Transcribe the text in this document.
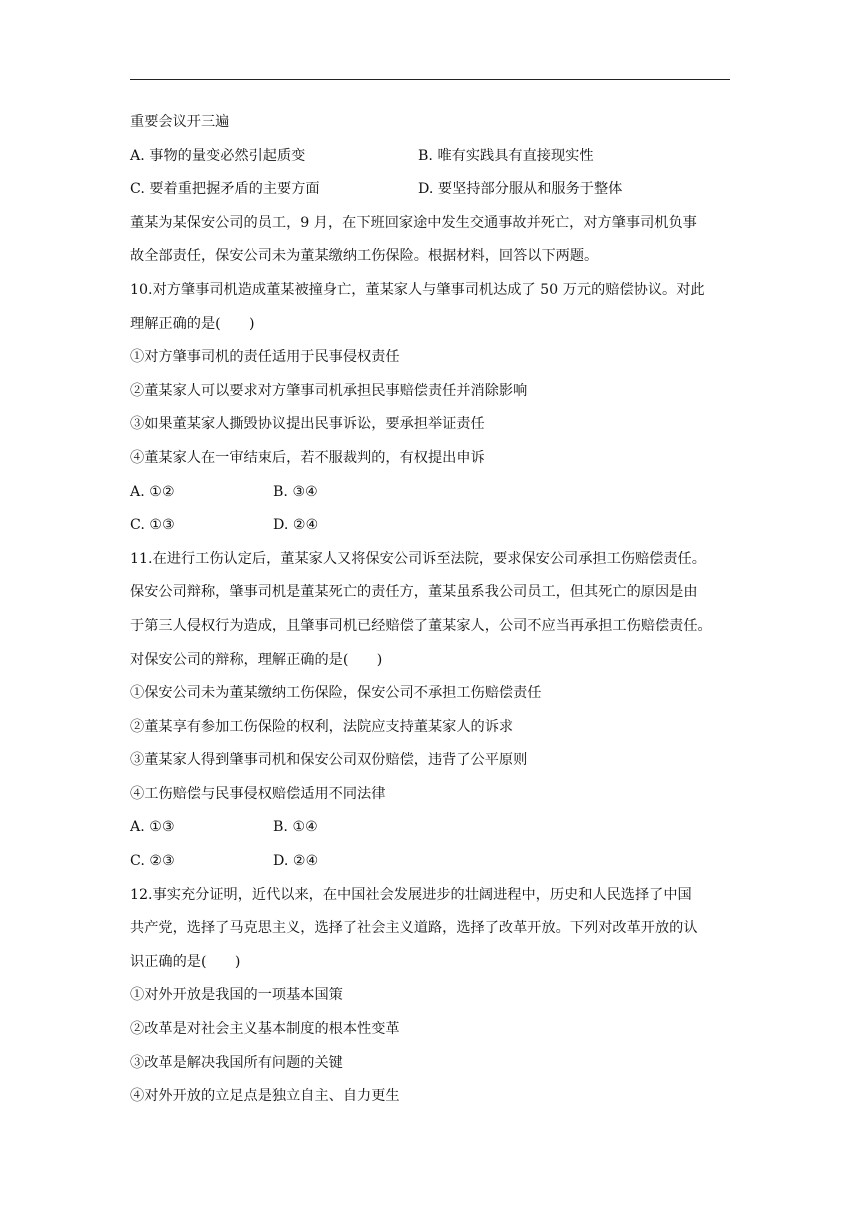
重要会议开三遍
A. 事物的量变必然引起质变	B. 唯有实践具有直接现实性
C. 要着重把握矛盾的主要方面	D. 要坚持部分服从和服务于整体
董某为某保安公司的员工，9 月，在下班回家途中发生交通事故并死亡，对方肇事司机负事
故全部责任，保安公司未为董某缴纳工伤保险。根据材料，回答以下两题。
10.对方肇事司机造成董某被撞身亡，董某家人与肇事司机达成了 50 万元的赔偿协议。对此
理解正确的是(　　)
①对方肇事司机的责任适用于民事侵权责任
②董某家人可以要求对方肇事司机承担民事赔偿责任并消除影响
③如果董某家人撕毁协议提出民事诉讼，要承担举证责任
④董某家人在一审结束后，若不服裁判的，有权提出申诉
A. ①②	B. ③④
C. ①③	D. ②④
11.在进行工伤认定后，董某家人又将保安公司诉至法院，要求保安公司承担工伤赔偿责任。
保安公司辩称，肇事司机是董某死亡的责任方，董某虽系我公司员工，但其死亡的原因是由
于第三人侵权行为造成，且肇事司机已经赔偿了董某家人，公司不应当再承担工伤赔偿责任。
对保安公司的辩称，理解正确的是(　　)
①保安公司未为董某缴纳工伤保险，保安公司不承担工伤赔偿责任
②董某享有参加工伤保险的权利，法院应支持董某家人的诉求
③董某家人得到肇事司机和保安公司双份赔偿，违背了公平原则
④工伤赔偿与民事侵权赔偿适用不同法律
A. ①③	B. ①④
C. ②③	D. ②④
12.事实充分证明，近代以来，在中国社会发展进步的壮阔进程中，历史和人民选择了中国
共产党，选择了马克思主义，选择了社会主义道路，选择了改革开放。下列对改革开放的认
识正确的是(　　)
①对外开放是我国的一项基本国策
②改革是对社会主义基本制度的根本性变革
③改革是解决我国所有问题的关键
④对外开放的立足点是独立自主、自力更生
